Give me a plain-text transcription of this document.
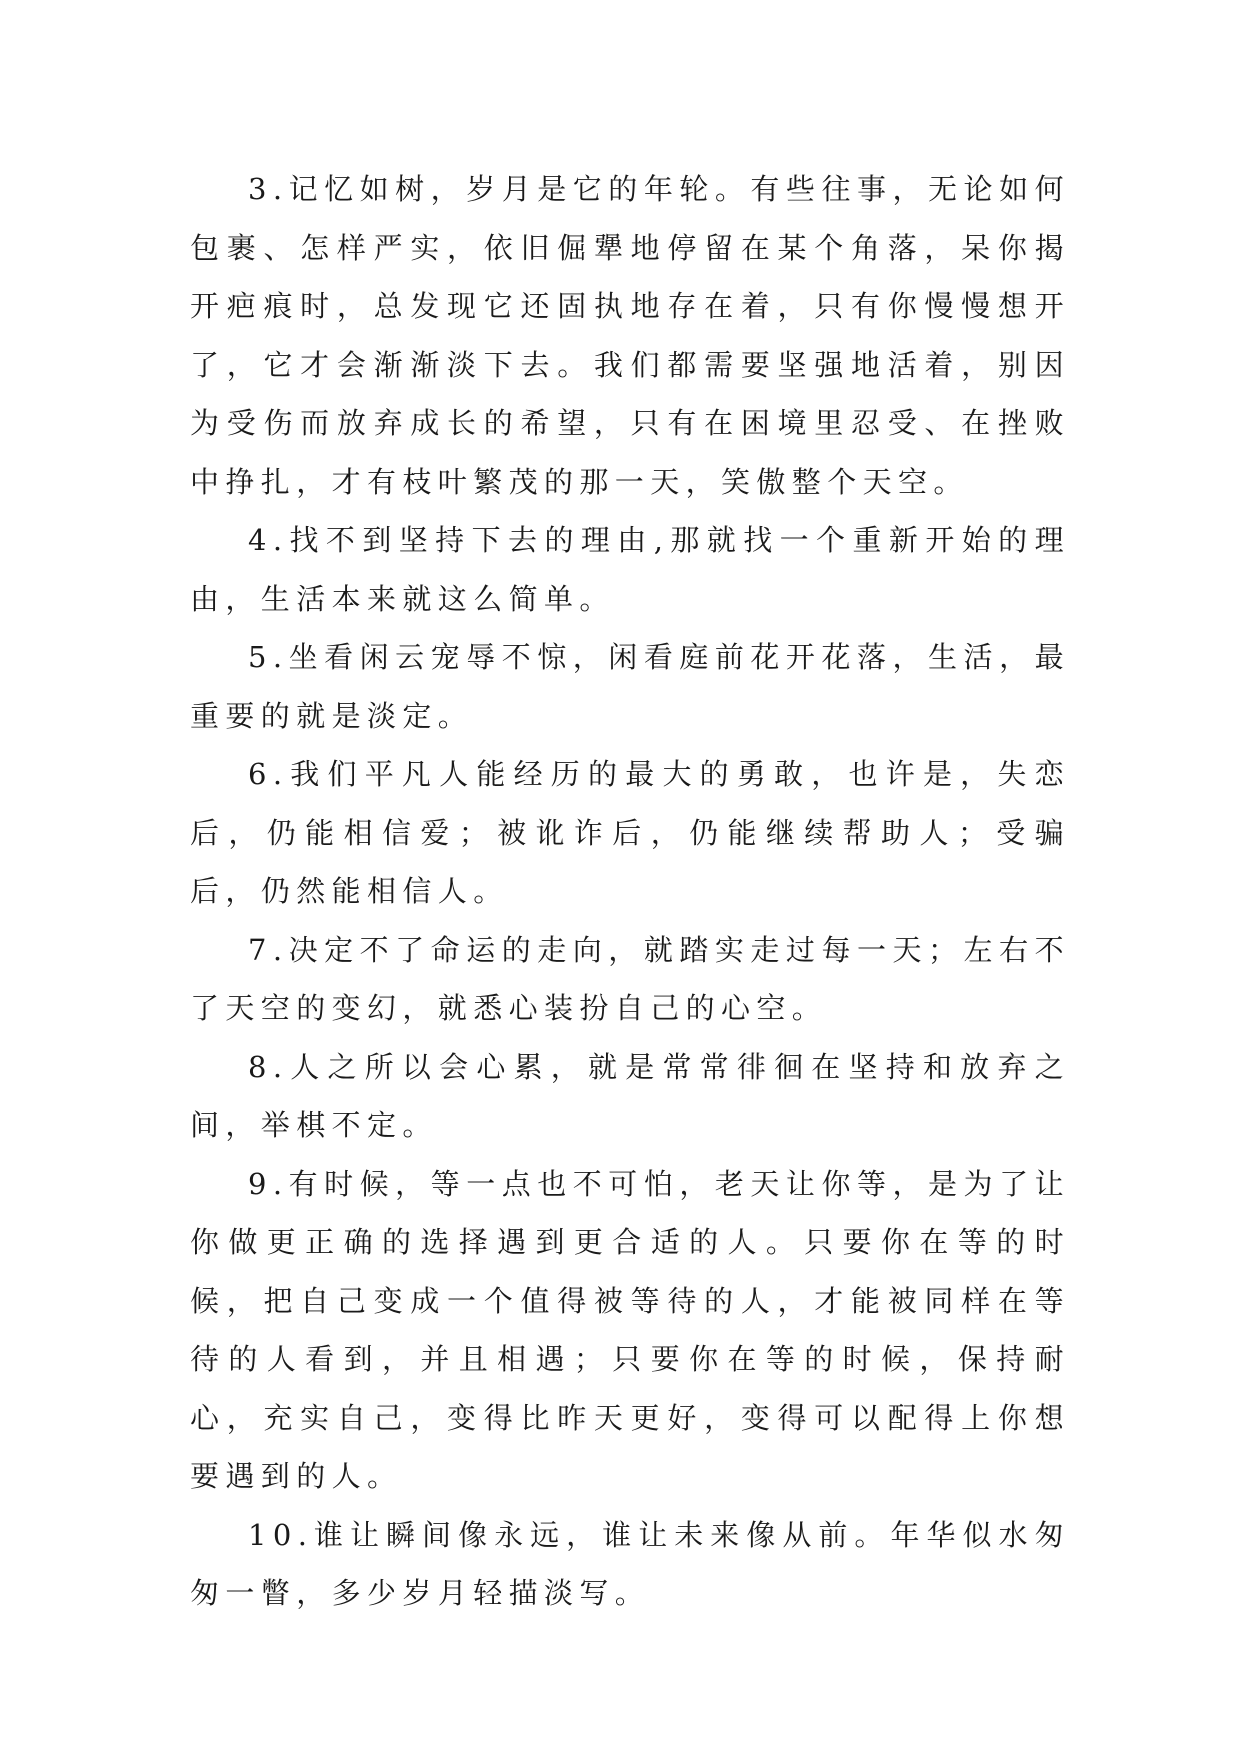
3.记忆如树，岁月是它的年轮。有些往事，无论如何包裹、怎样严实，依旧倔犟地停留在某个角落，呆你揭开疤痕时，总发现它还固执地存在着，只有你慢慢想开了，它才会渐渐淡下去。我们都需要坚强地活着，别因为受伤而放弃成长的希望，只有在困境里忍受、在挫败中挣扎，才有枝叶繁茂的那一天，笑傲整个天空。

4.找不到坚持下去的理由,那就找一个重新开始的理由，生活本来就这么简单。

5.坐看闲云宠辱不惊，闲看庭前花开花落，生活，最重要的就是淡定。

6.我们平凡人能经历的最大的勇敢，也许是，失恋后，仍能相信爱；被讹诈后，仍能继续帮助人；受骗后，仍然能相信人。

7.决定不了命运的走向，就踏实走过每一天；左右不了天空的变幻，就悉心装扮自己的心空。

8.人之所以会心累，就是常常徘徊在坚持和放弃之间，举棋不定。

9.有时候，等一点也不可怕，老天让你等，是为了让你做更正确的选择遇到更合适的人。只要你在等的时候，把自己变成一个值得被等待的人，才能被同样在等待的人看到，并且相遇；只要你在等的时候，保持耐心，充实自己，变得比昨天更好，变得可以配得上你想要遇到的人。

10.谁让瞬间像永远，谁让未来像从前。年华似水匆匆一瞥，多少岁月轻描淡写。
